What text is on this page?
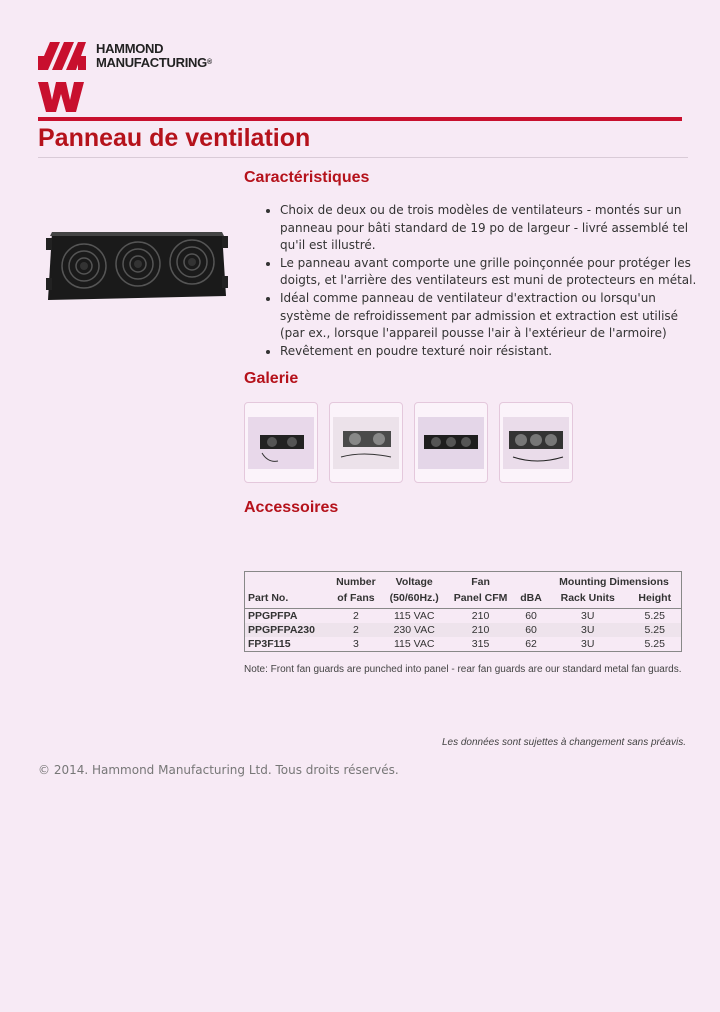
HAMMOND
MANUFACTURING®
Panneau de ventilation
Caractéristiques
• Choix de deux ou de trois modèles de ventilateurs - montés sur un panneau pour bâti standard de 19 po de largeur - livré assemblé tel qu'il est illustré.
• Le panneau avant comporte une grille poinçonnée pour protéger les doigts, et l'arrière des ventilateurs est muni de protecteurs en métal.
• Idéal comme panneau de ventilateur d'extraction ou lorsqu'un système de refroidissement par admission et extraction est utilisé (par ex., lorsque l'appareil pousse l'air à l'extérieur de l'armoire)
• Revêtement en poudre texturé noir résistant.
Galerie
Accessoires
	Number	Voltage	Fan		Mounting Dimensions	
Part No.	of Fans	(50/60Hz.)	Panel CFM	dBA	Rack Units	Height
PPGPFPA	2	115 VAC	210	60	3U	5.25
PPGPFPA230	2	230 VAC	210	60	3U	5.25
FP3F115	3	115 VAC	315	62	3U	5.25
Note: Front fan guards are punched into panel - rear fan guards are our standard metal fan guards.
Les données sont sujettes à changement sans préavis.
© 2014. Hammond Manufacturing Ltd. Tous droits réservés.
